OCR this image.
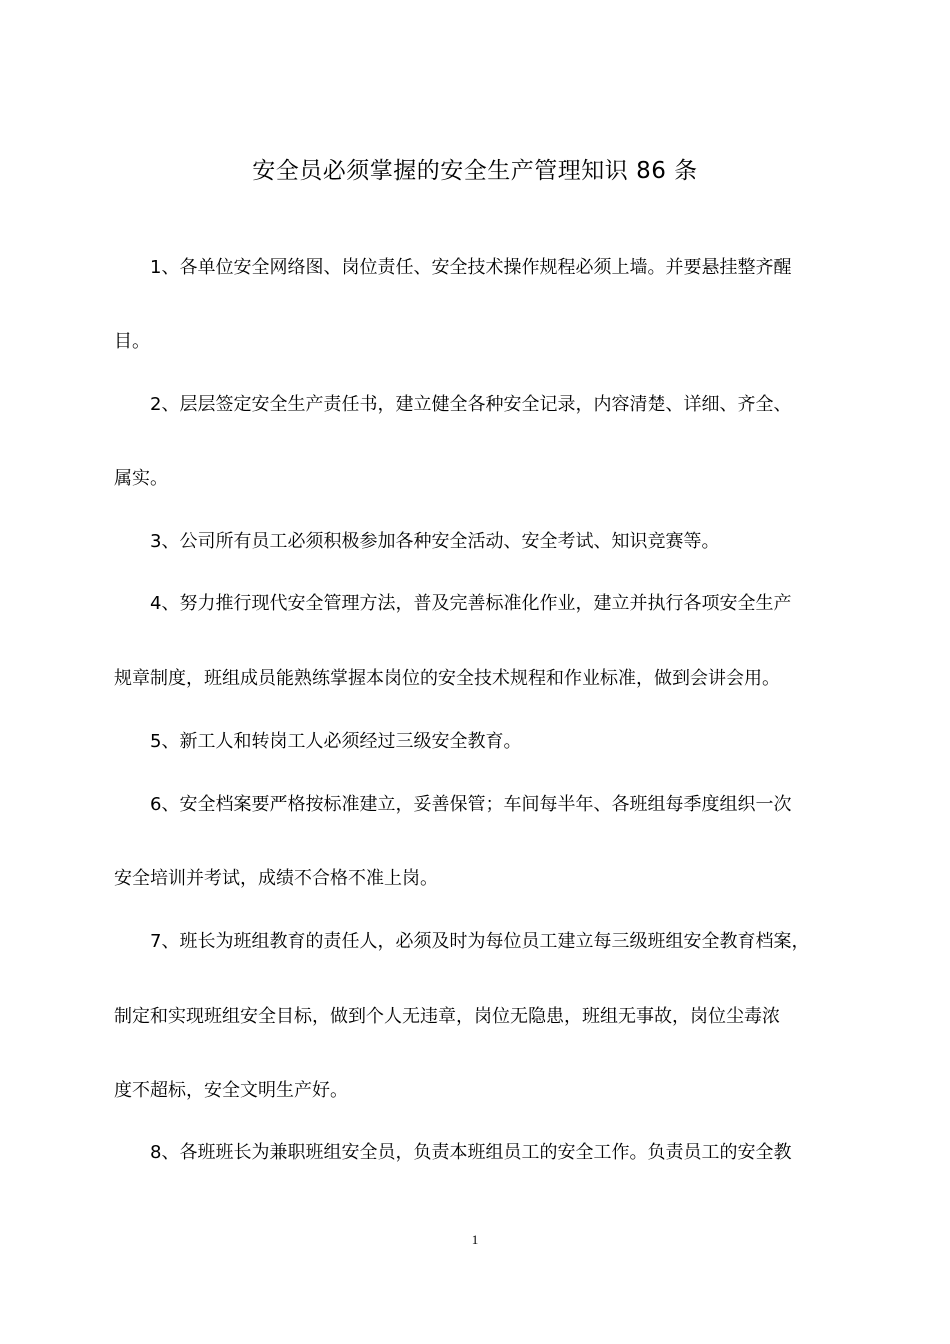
安全员必须掌握的安全生产管理知识 86 条

1、各单位安全网络图、岗位责任、安全技术操作规程必须上墙。并要悬挂整齐醒

目。

2、层层签定安全生产责任书，建立健全各种安全记录，内容清楚、详细、齐全、

属实。

3、公司所有员工必须积极参加各种安全活动、安全考试、知识竞赛等。

4、努力推行现代安全管理方法，普及完善标准化作业，建立并执行各项安全生产

规章制度，班组成员能熟练掌握本岗位的安全技术规程和作业标准，做到会讲会用。

5、新工人和转岗工人必须经过三级安全教育。

6、安全档案要严格按标准建立，妥善保管；车间每半年、各班组每季度组织一次

安全培训并考试，成绩不合格不准上岗。

7、班长为班组教育的责任人，必须及时为每位员工建立每三级班组安全教育档案，

制定和实现班组安全目标，做到个人无违章，岗位无隐患，班组无事故，岗位尘毒浓

度不超标，安全文明生产好。

8、各班班长为兼职班组安全员，负责本班组员工的安全工作。负责员工的安全教

1
